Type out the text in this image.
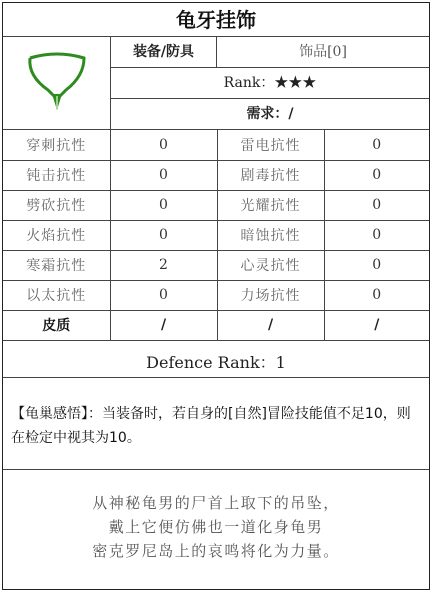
龟牙挂饰
装备/防具	饰品[0]
Rank：★★★
需求：/
穿刺抗性	0	雷电抗性	0
钝击抗性	0	剧毒抗性	0
劈砍抗性	0	光耀抗性	0
火焰抗性	0	暗蚀抗性	0
寒霜抗性	2	心灵抗性	0
以太抗性	0	力场抗性	0
皮质	/	/	/
Defence Rank：1
【龟巢感悟】：当装备时，若自身的[自然]冒险技能值不足10，则在检定中视其为10。
从神秘龟男的尸首上取下的吊坠，
戴上它便仿佛也一道化身龟男
密克罗尼岛上的哀鸣将化为力量。
